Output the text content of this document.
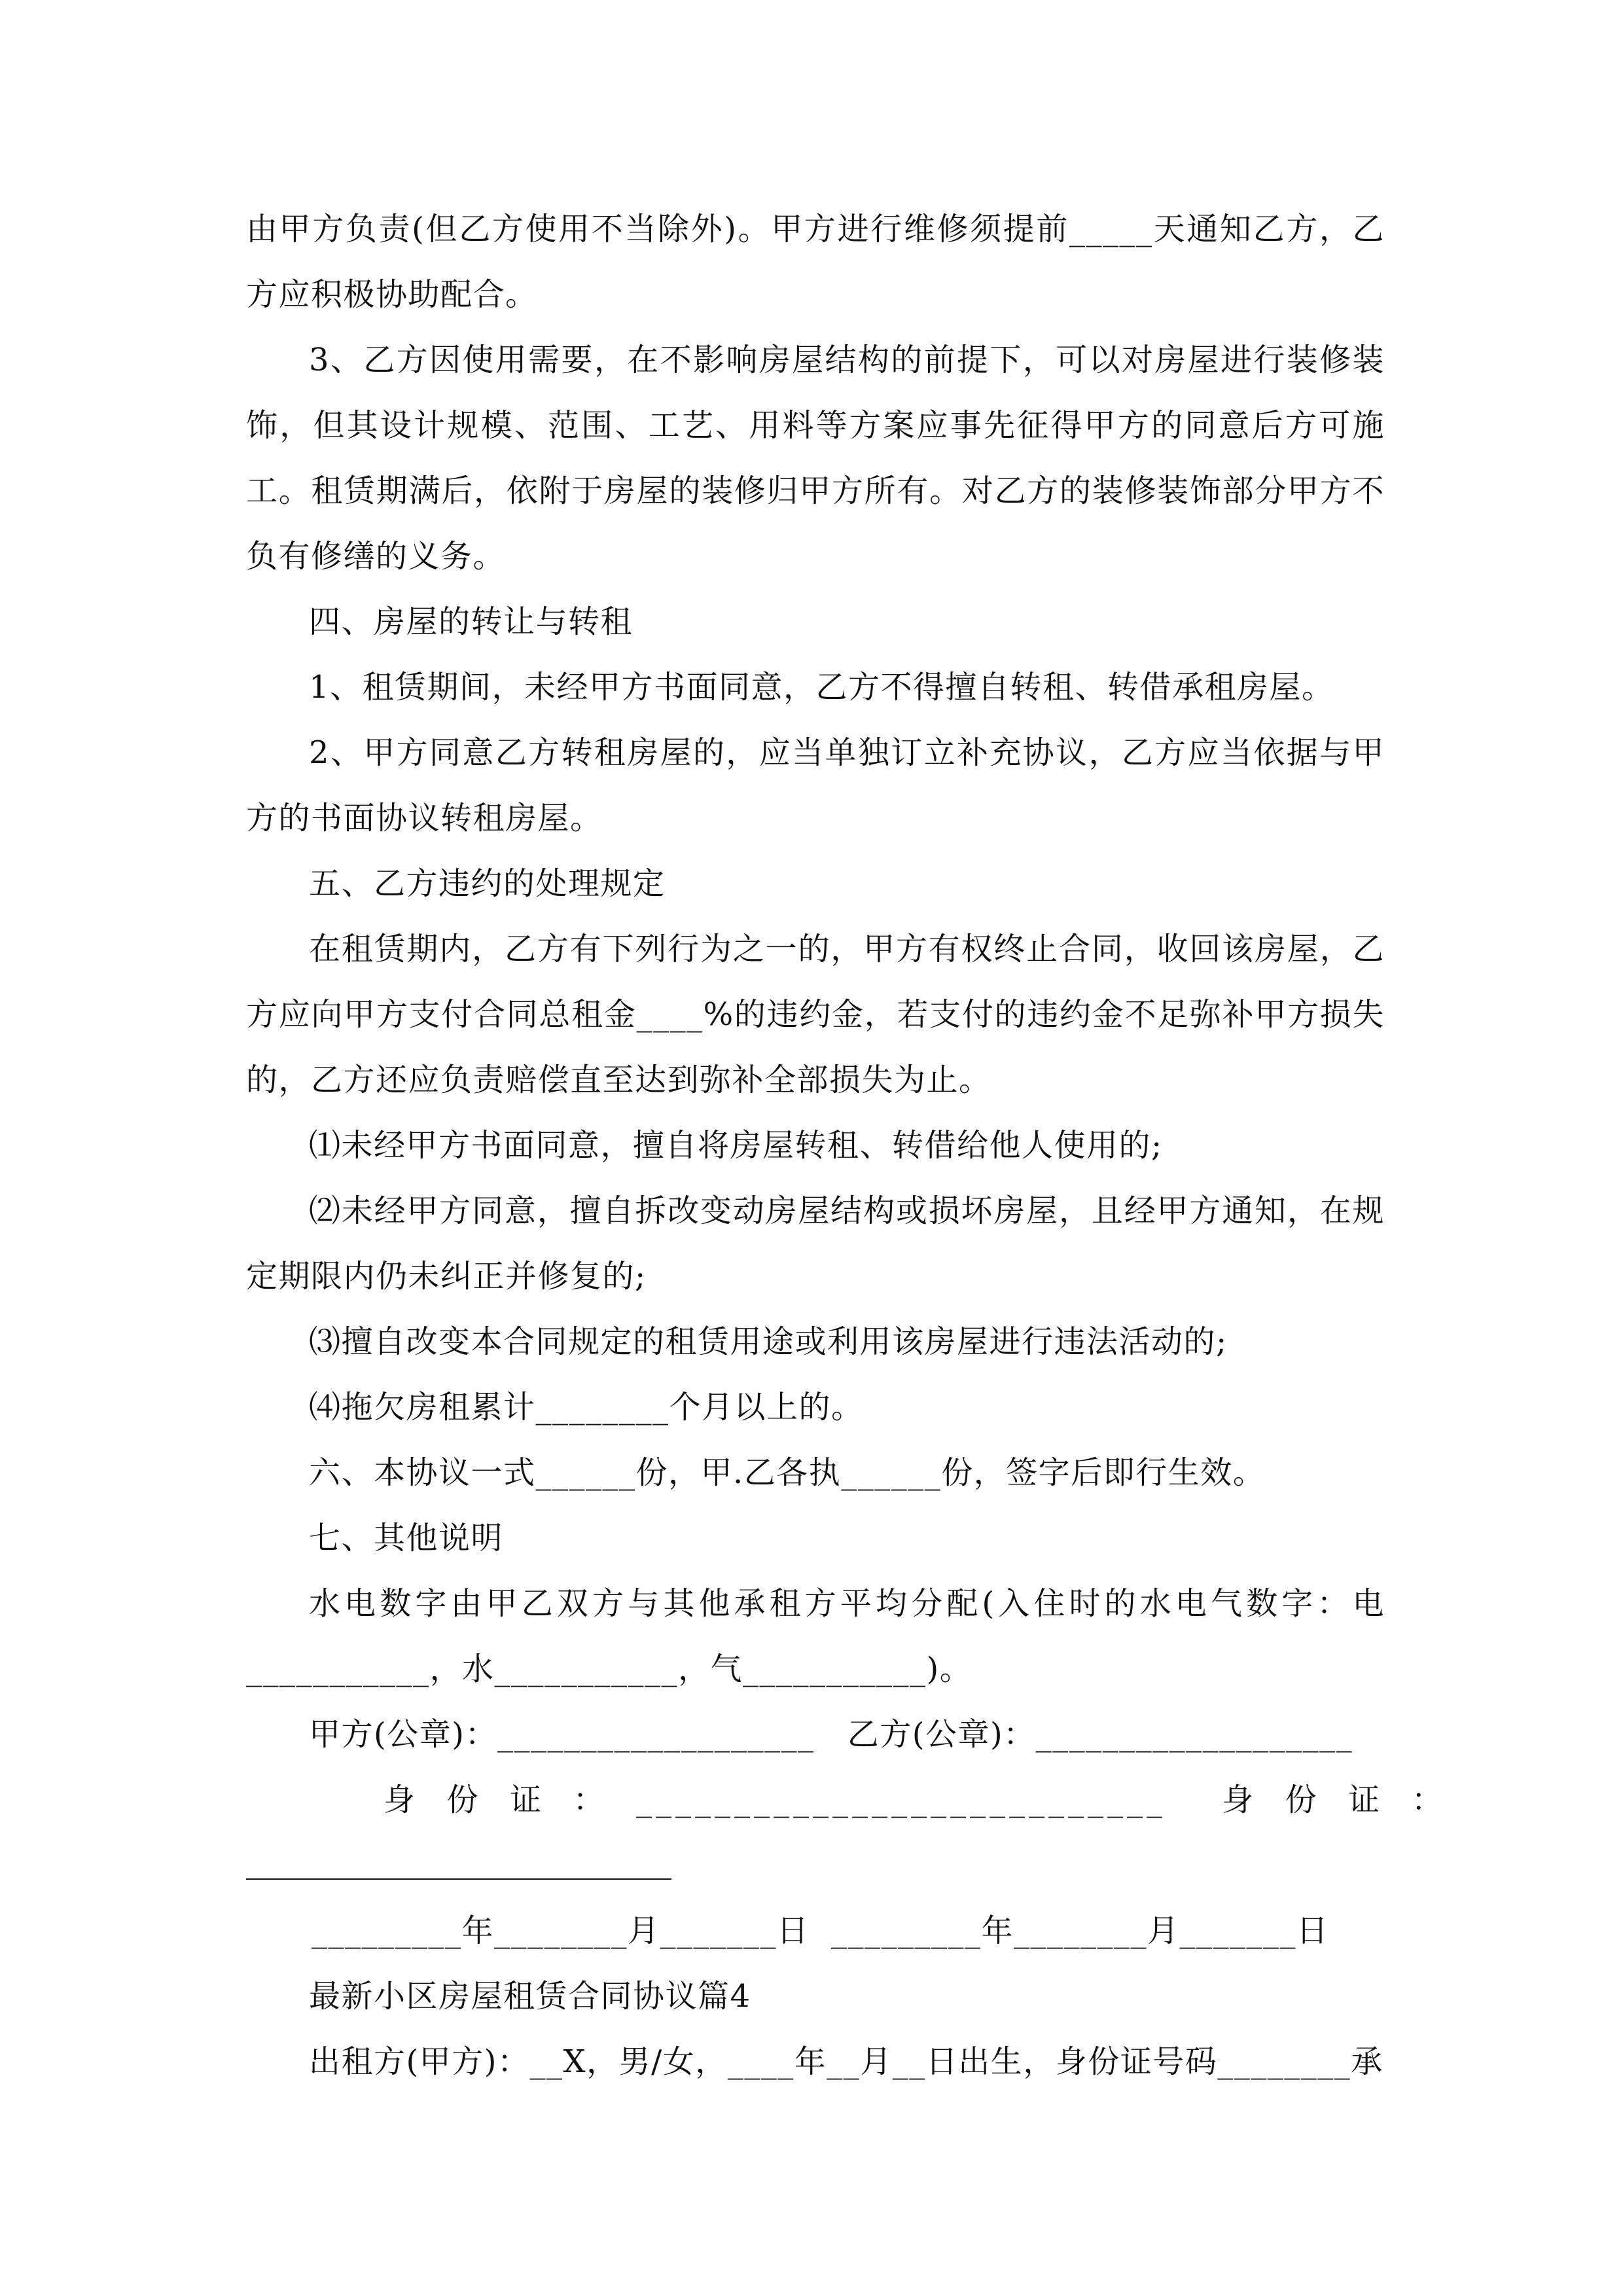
由甲方负责(但乙方使用不当除外)。甲方进行维修须提前_____天通知乙方，乙方应积极协助配合。

3、乙方因使用需要，在不影响房屋结构的前提下，可以对房屋进行装修装饰，但其设计规模、范围、工艺、用料等方案应事先征得甲方的同意后方可施工。租赁期满后，依附于房屋的装修归甲方所有。对乙方的装修装饰部分甲方不负有修缮的义务。

四、房屋的转让与转租

1、租赁期间，未经甲方书面同意，乙方不得擅自转租、转借承租房屋。

2、甲方同意乙方转租房屋的，应当单独订立补充协议，乙方应当依据与甲方的书面协议转租房屋。

五、乙方违约的处理规定

在租赁期内，乙方有下列行为之一的，甲方有权终止合同，收回该房屋，乙方应向甲方支付合同总租金____%的违约金，若支付的违约金不足弥补甲方损失的，乙方还应负责赔偿直至达到弥补全部损失为止。

⑴未经甲方书面同意，擅自将房屋转租、转借给他人使用的;

⑵未经甲方同意，擅自拆改变动房屋结构或损坏房屋，且经甲方通知，在规定期限内仍未纠正并修复的;

⑶擅自改变本合同规定的租赁用途或利用该房屋进行违法活动的;

⑷拖欠房租累计________个月以上的。

六、本协议一式______份，甲.乙各执______份，签字后即行生效。

七、其他说明

水电数字由甲乙双方与其他承租方平均分配(入住时的水电气数字：电___________，水___________，气___________)。

甲方(公章)：___________________   乙方(公章)：___________________

身  份  证  ：  ___________________________    身  份  证  ：

_________年________月_______日  _________年________月_______日

最新小区房屋租赁合同协议篇4

出租方(甲方)：__X，男/女，____年__月__日出生，身份证号码________承
